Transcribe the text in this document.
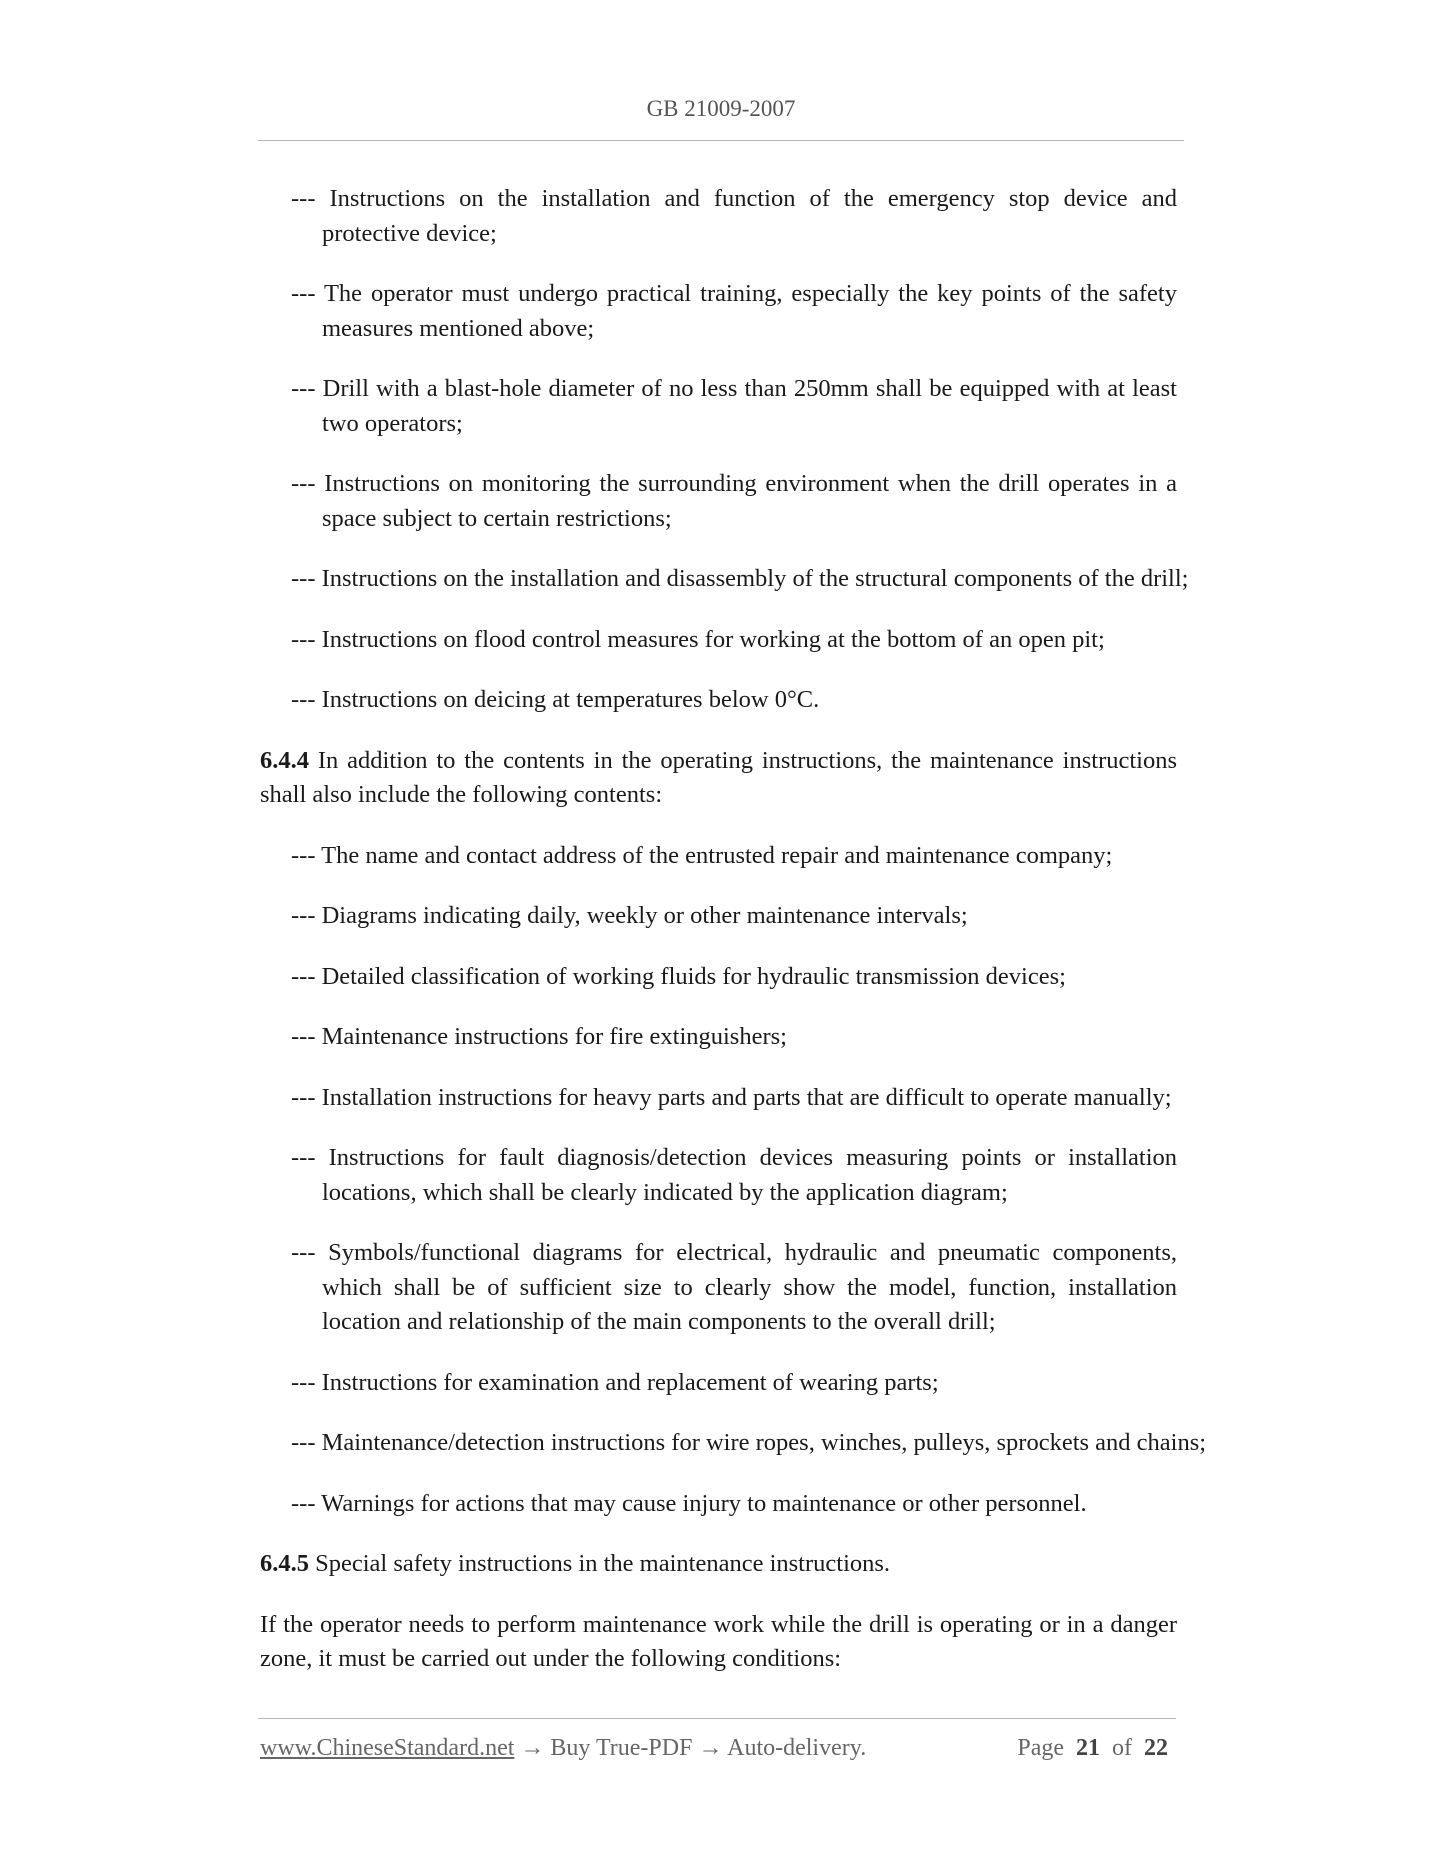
GB 21009-2007

--- Instructions on the installation and function of the emergency stop device and protective device;

--- The operator must undergo practical training, especially the key points of the safety measures mentioned above;

--- Drill with a blast-hole diameter of no less than 250mm shall be equipped with at least two operators;

--- Instructions on monitoring the surrounding environment when the drill operates in a space subject to certain restrictions;

--- Instructions on the installation and disassembly of the structural components of the drill;

--- Instructions on flood control measures for working at the bottom of an open pit;

--- Instructions on deicing at temperatures below 0°C.

6.4.4 In addition to the contents in the operating instructions, the maintenance instructions shall also include the following contents:

--- The name and contact address of the entrusted repair and maintenance company;

--- Diagrams indicating daily, weekly or other maintenance intervals;

--- Detailed classification of working fluids for hydraulic transmission devices;

--- Maintenance instructions for fire extinguishers;

--- Installation instructions for heavy parts and parts that are difficult to operate manually;

--- Instructions for fault diagnosis/detection devices measuring points or installation locations, which shall be clearly indicated by the application diagram;

--- Symbols/functional diagrams for electrical, hydraulic and pneumatic components, which shall be of sufficient size to clearly show the model, function, installation location and relationship of the main components to the overall drill;

--- Instructions for examination and replacement of wearing parts;

--- Maintenance/detection instructions for wire ropes, winches, pulleys, sprockets and chains;

--- Warnings for actions that may cause injury to maintenance or other personnel.

6.4.5 Special safety instructions in the maintenance instructions.

If the operator needs to perform maintenance work while the drill is operating or in a danger zone, it must be carried out under the following conditions:

www.ChineseStandard.net → Buy True-PDF → Auto-delivery.	Page 21 of 22
